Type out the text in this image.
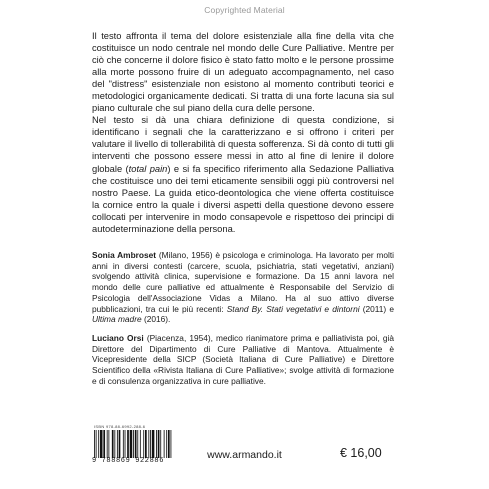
Copyrighted Material

Il testo affronta il tema del dolore esistenziale alla fine della vita che costituisce un nodo centrale nel mondo delle Cure Palliative. Mentre per ciò che concerne il dolore fisico è stato fatto molto e le persone prossime alla morte possono fruire di un adeguato accompagnamento, nel caso del "distress" esistenziale non esistono al momento contributi teorici e metodologici organicamente dedicati. Si tratta di una forte lacuna sia sul piano culturale che sul piano della cura delle persone.

Nel testo si dà una chiara definizione di questa condizione, si identificano i segnali che la caratterizzano e si offrono i criteri per valutare il livello di tollerabilità di questa sofferenza. Si dà conto di tutti gli interventi che possono essere messi in atto al fine di lenire il dolore globale (total pain) e si fa specifico riferimento alla Sedazione Palliativa che costituisce uno dei temi eticamente sensibili oggi più controversi nel nostro Paese. La guida etico-deontologica che viene offerta costituisce la cornice entro la quale i diversi aspetti della questione devono essere collocati per intervenire in modo consapevole e rispettoso dei principi di autodeterminazione della persona.

Sonia Ambroset (Milano, 1956) è psicologa e criminologa. Ha lavorato per molti anni in diversi contesti (carcere, scuola, psichiatria, stati vegetativi, anziani) svolgendo attività clinica, supervisione e formazione. Da 15 anni lavora nel mondo delle cure palliative ed attualmente è Responsabile del Servizio di Psicologia dell'Associazione Vidas a Milano. Ha al suo attivo diverse pubblicazioni, tra cui le più recenti: Stand By. Stati vegetativi e dintorni (2011) e Ultima madre (2016).

Luciano Orsi (Piacenza, 1954), medico rianimatore prima e palliativista poi, già Direttore del Dipartimento di Cure Palliative di Mantova. Attualmente è Vicepresidente della SICP (Società Italiana di Cure Palliative) e Direttore Scientifico della «Rivista Italiana di Cure Palliative»; svolge attività di formazione e di consulenza organizzativa in cure palliative.

ISBN 978-88-6992-288-6
9 788869 922886	www.armando.it	€ 16,00
